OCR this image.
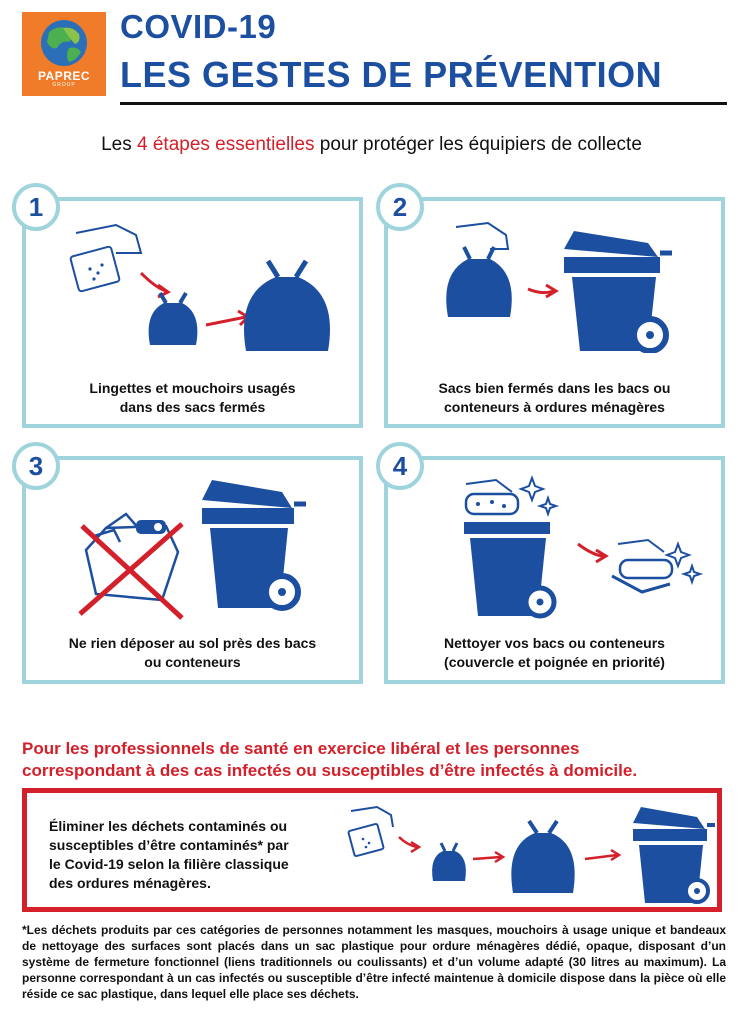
PAPREC
GROUP
COVID-19
LES GESTES DE PRÉVENTION
Les 4 étapes essentielles pour protéger les équipiers de collecte
1
Lingettes et mouchoirs usagés
dans des sacs fermés
2
Sacs bien fermés dans les bacs ou
conteneurs à ordures ménagères
3
Ne rien déposer au sol près des bacs
ou conteneurs
4
Nettoyer vos bacs ou conteneurs
(couvercle et poignée en priorité)
Pour les professionnels de santé en exercice libéral et les personnes
correspondant à des cas infectés ou susceptibles d’être infectés à domicile.
Éliminer les déchets contaminés ou
susceptibles d’être contaminés* par
le Covid-19 selon la filière classique
des ordures ménagères.
*Les déchets produits par ces catégories de personnes notamment les masques, mouchoirs à usage unique et bandeaux de nettoyage des surfaces sont placés dans un sac plastique pour ordure ménagères dédié, opaque, disposant d’un système de fermeture fonctionnel (liens traditionnels ou coulissants) et d’un volume adapté (30 litres au maximum). La personne correspondant à un cas infectés ou susceptible d’être infecté maintenue à domicile dispose dans la pièce où elle réside ce sac plastique, dans lequel elle place ses déchets.
